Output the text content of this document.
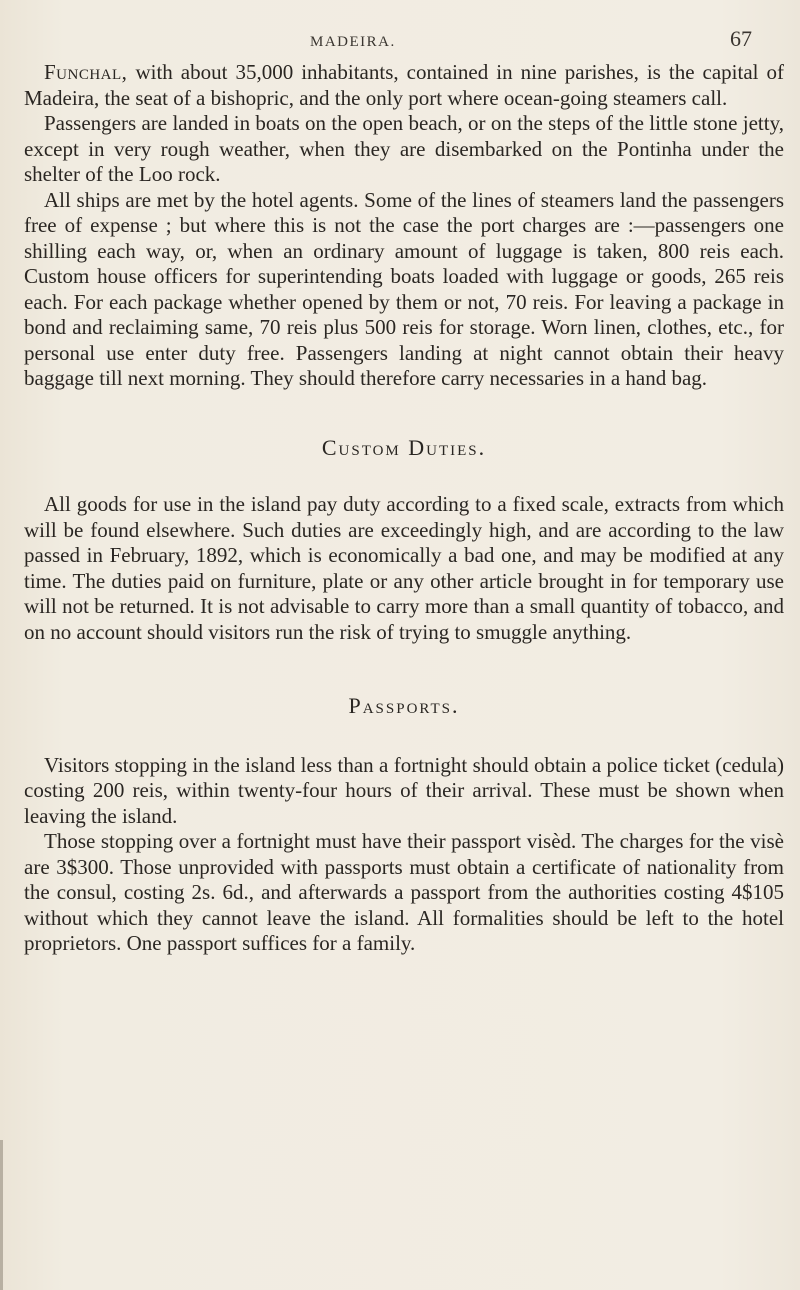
MADEIRA.	67

Funchal, with about 35,000 inhabitants, contained in nine parishes, is the capital of Madeira, the seat of a bishopric, and the only port where ocean-going steamers call.

Passengers are landed in boats on the open beach, or on the steps of the little stone jetty, except in very rough weather, when they are disembarked on the Pontinha under the shelter of the Loo rock.

All ships are met by the hotel agents. Some of the lines of steamers land the passengers free of expense ; but where this is not the case the port charges are :—passengers one shilling each way, or, when an ordinary amount of luggage is taken, 800 reis each. Custom house officers for superintending boats loaded with luggage or goods, 265 reis each. For each package whether opened by them or not, 70 reis. For leaving a package in bond and reclaiming same, 70 reis plus 500 reis for storage. Worn linen, clothes, etc., for personal use enter duty free. Passengers landing at night cannot obtain their heavy baggage till next morning. They should therefore carry necessaries in a hand bag.

Custom Duties.

All goods for use in the island pay duty according to a fixed scale, extracts from which will be found elsewhere. Such duties are exceedingly high, and are according to the law passed in February, 1892, which is economically a bad one, and may be modified at any time. The duties paid on furniture, plate or any other article brought in for temporary use will not be returned. It is not advisable to carry more than a small quantity of tobacco, and on no account should visitors run the risk of trying to smuggle anything.

Passports.

Visitors stopping in the island less than a fortnight should obtain a police ticket (cedula) costing 200 reis, within twenty-four hours of their arrival. These must be shown when leaving the island.

Those stopping over a fortnight must have their passport visèd. The charges for the visè are 3$300. Those unprovided with passports must obtain a certificate of nationality from the consul, costing 2s. 6d., and afterwards a passport from the authorities costing 4$105 without which they cannot leave the island. All formalities should be left to the hotel proprietors. One passport suffices for a family.
